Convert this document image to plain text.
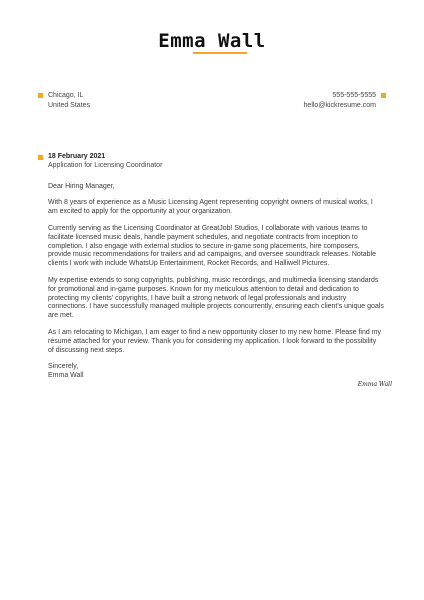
Emma Wall
Chicago, IL
United States
555-555-5555
hello@kickresume.com
18 February 2021
Application for Licensing Coordinator
Dear Hiring Manager,

With 8 years of experience as a Music Licensing Agent representing copyright owners of musical works, I am excited to apply for the opportunity at your organization.

Currently serving as the Licensing Coordinator at GreatJob! Studios, I collaborate with various teams to facilitate licensed music deals, handle payment schedules, and negotiate contracts from inception to completion. I also engage with external studios to secure in-game song placements, hire composers, provide music recommendations for trailers and ad campaigns, and oversee soundtrack releases. Notable clients I work with include WhatsUp Entertainment, Rocket Records, and Halliwell Pictures.

My expertise extends to song copyrights, publishing, music recordings, and multimedia licensing standards for promotional and in-game purposes. Known for my meticulous attention to detail and dedication to protecting my clients' copyrights, I have built a strong network of legal professionals and industry connections. I have successfully managed multiple projects concurrently, ensuring each client's unique goals are met.

As I am relocating to Michigan, I am eager to find a new opportunity closer to my new home. Please find my résumé attached for your review. Thank you for considering my application. I look forward to the possibility of discussing next steps.

Sincerely,
Emma Wall
Emma Wall
